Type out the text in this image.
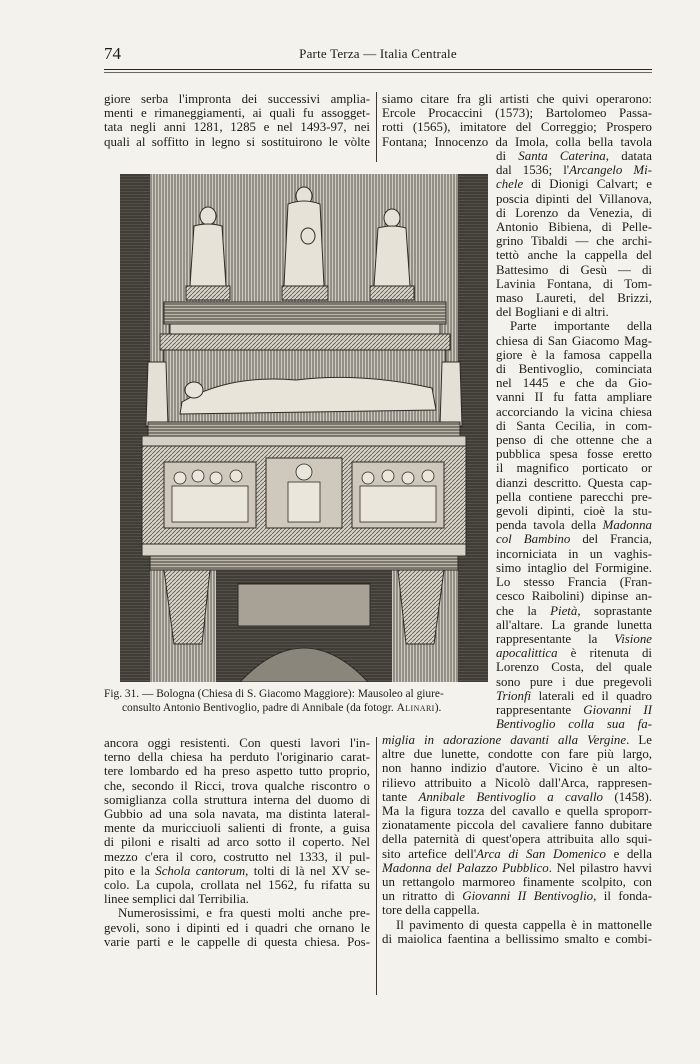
74	Parte Terza — Italia Centrale
giore serba l'impronta dei successivi amplia-
menti e rimaneggiamenti, ai quali fu assogget-
tata negli anni 1281, 1285 e nel 1493-97, nei
quali al soffitto in legno si sostituirono le vòlte
siamo citare fra gli artisti che quivi operarono:
Ercole Procaccini (1573); Bartolomeo Passa-
rotti (1565), imitatore del Correggio; Prospero
Fontana; Innocenzo da Imola, colla bella tavola
di Santa Caterina, datata
dal 1536; l'Arcangelo Mi-
chele di Dionigi Calvart; e
poscia dipinti del Villanova,
di Lorenzo da Venezia, di
Antonio Bibiena, di Pelle-
grino Tibaldi — che archi-
tettò anche la cappella del
Battesimo di Gesù — di
Lavinia Fontana, di Tom-
maso Laureti, del Brizzi,
del Bogliani e di altri.
Parte importante della
chiesa di San Giacomo Mag-
giore è la famosa cappella
di Bentivoglio, cominciata
nel 1445 e che da Gio-
vanni II fu fatta ampliare
accorciando la vicina chiesa
di Santa Cecilia, in com-
penso di che ottenne che a
pubblica spesa fosse eretto
il magnifico porticato or
dianzi descritto. Questa cap-
pella contiene parecchi pre-
gevoli dipinti, cioè la stu-
penda tavola della Madonna
col Bambino del Francia,
incorniciata in un vaghis-
simo intaglio del Formigine.
Lo stesso Francia (Fran-
cesco Raibolini) dipinse an-
che la Pietà, soprastante
all'altare. La grande lunetta
rappresentante la Visione
apocalittica è ritenuta di
Lorenzo Costa, del quale
sono pure i due pregevoli
Trionfi laterali ed il quadro
rappresentante Giovanni II
Bentivoglio colla sua fa-
Fig. 31. — Bologna (Chiesa di S. Giacomo Maggiore): Mausoleo al giure-
consulto Antonio Bentivoglio, padre di Annibale (da fotogr. Alinari).
ancora oggi resistenti. Con questi lavori l'in-
terno della chiesa ha perduto l'originario carat-
tere lombardo ed ha preso aspetto tutto proprio,
che, secondo il Ricci, trova qualche riscontro o
somiglianza colla struttura interna del duomo di
Gubbio ad una sola navata, ma distinta lateral-
mente da muricciuoli salienti di fronte, a guisa
di piloni e risalti ad arco sotto il coperto. Nel
mezzo c'era il coro, costrutto nel 1333, il pul-
pito e la Schola cantorum, tolti di là nel XV se-
colo. La cupola, crollata nel 1562, fu rifatta su
linee semplici dal Terribilia.
Numerosissimi, e fra questi molti anche pre-
gevoli, sono i dipinti ed i quadri che ornano le
varie parti e le cappelle di questa chiesa. Pos-
miglia in adorazione davanti alla Vergine. Le
altre due lunette, condotte con fare più largo,
non hanno indizio d'autore. Vicino è un alto-
rilievo attribuito a Nicolò dall'Arca, rappresen-
tante Annibale Bentivoglio a cavallo (1458).
Ma la figura tozza del cavallo e quella sproporr-
zionatamente piccola del cavaliere fanno dubitare
della paternità di quest'opera attribuita allo squi-
sito artefice dell'Arca di San Domenico e della
Madonna del Palazzo Pubblico. Nel pilastro havvi
un rettangolo marmoreo finamente scolpito, con
un ritratto di Giovanni II Bentivoglio, il fonda-
tore della cappella.
Il pavimento di questa cappella è in mattonelle
di maiolica faentina a bellissimo smalto e combi-
